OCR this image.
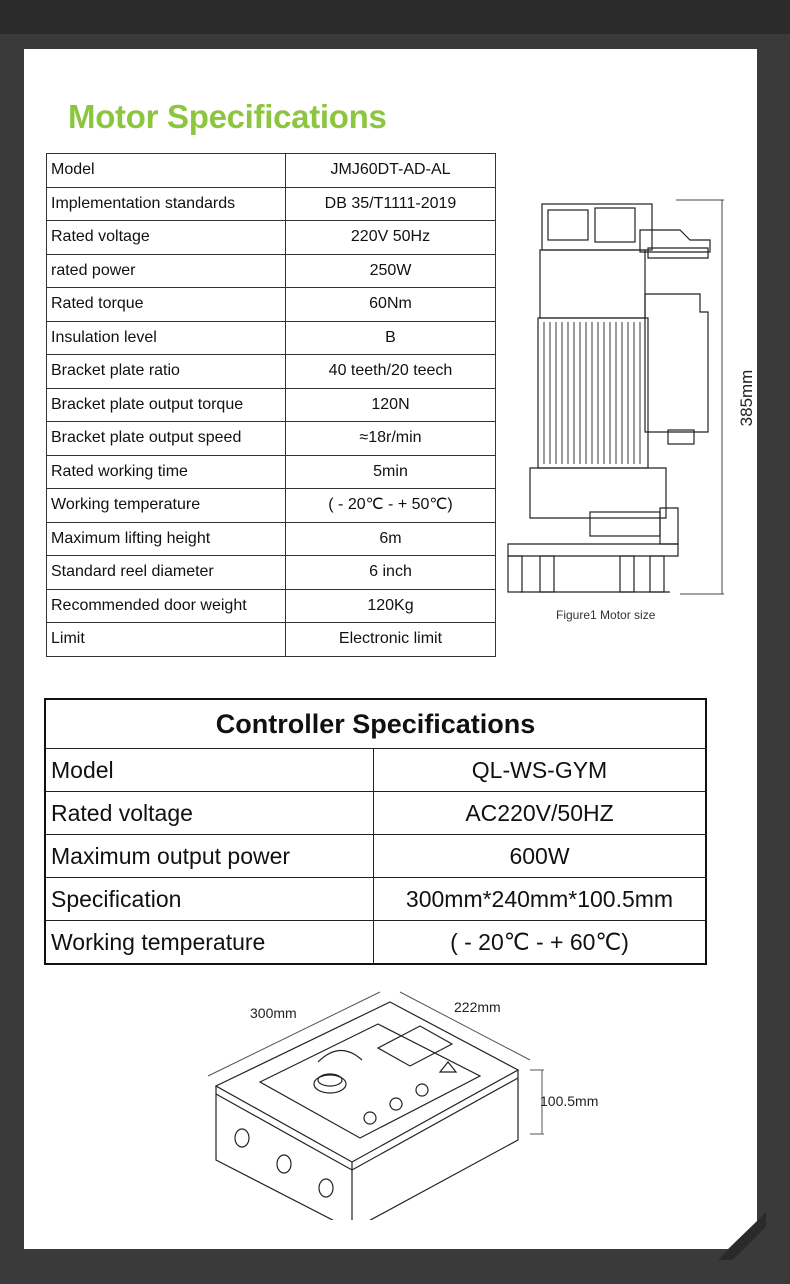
Motor Specifications
Model	JMJ60DT-AD-AL
Implementation standards	DB 35/T1111-2019
Rated voltage	220V 50Hz
rated power	250W
Rated torque	60Nm
Insulation level	B
Bracket plate ratio	40 teeth/20 teech
Bracket plate output torque	120N
Bracket plate output speed	≈18r/min
Rated working time	5min
Working temperature	( - 20℃ - + 50℃)
Maximum lifting height	6m
Standard reel diameter	6 inch
Recommended door weight	120Kg
Limit	Electronic limit
385mm
Figure1 Motor size
Controller Specifications	
Model	QL-WS-GYM
Rated voltage	AC220V/50HZ
Maximum output power	600W
Specification	300mm*240mm*100.5mm
Working temperature	( - 20℃ - + 60℃)
300mm	222mm
100.5mm
